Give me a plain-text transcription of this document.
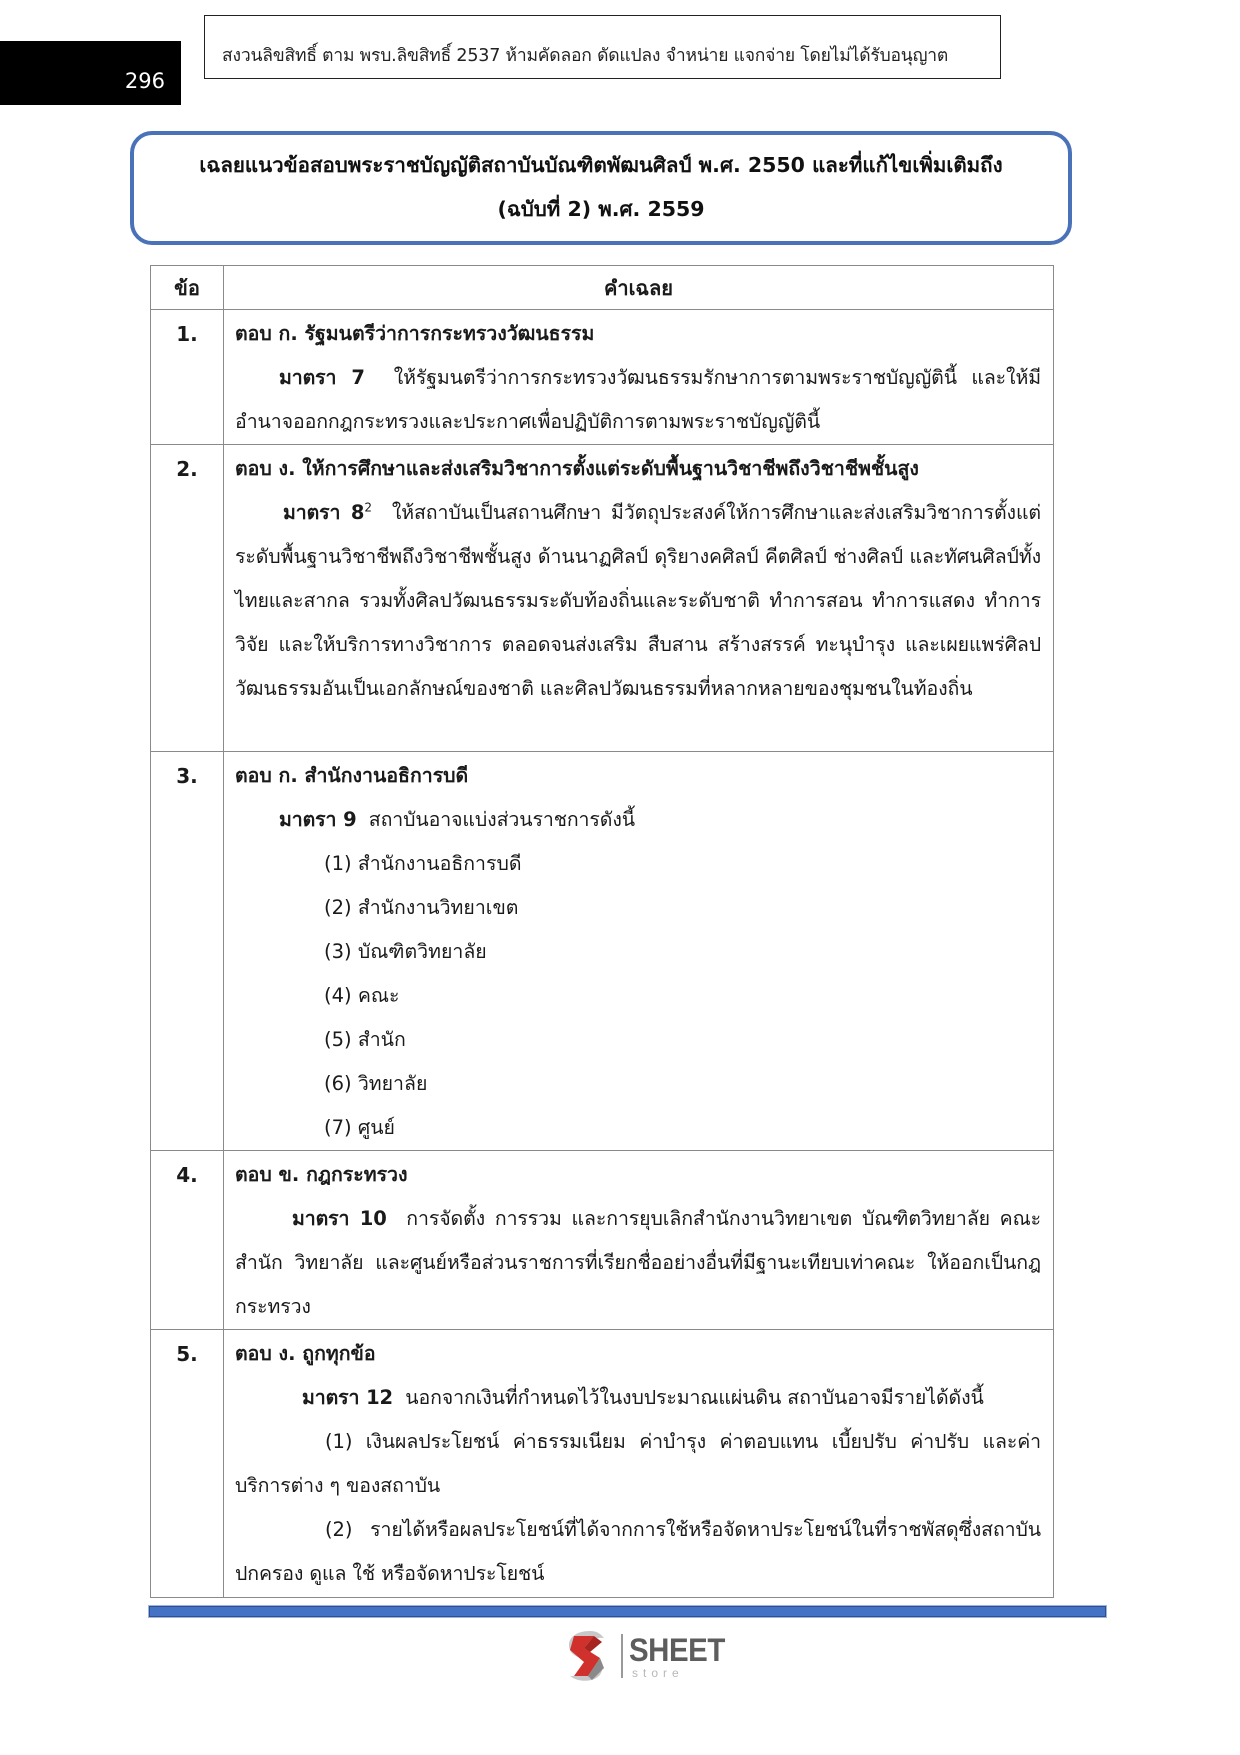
296
สงวนลิขสิทธิ์ ตาม พรบ.ลิขสิทธิ์ 2537 ห้ามคัดลอก ดัดแปลง จำหน่าย แจกจ่าย โดยไม่ได้รับอนุญาต
เฉลยแนวข้อสอบพระราชบัญญัติสถาบันบัณฑิตพัฒนศิลป์ พ.ศ. 2550 และที่แก้ไขเพิ่มเติมถึง
(ฉบับที่ 2) พ.ศ. 2559
ข้อ	คำเฉลย
1.	ตอบ ก. รัฐมนตรีว่าการกระทรวงวัฒนธรรม
มาตรา 7 ให้รัฐมนตรีว่าการกระทรวงวัฒนธรรมรักษาการตามพระราชบัญญัตินี้ และให้มีอำนาจออกกฎกระทรวงและประกาศเพื่อปฏิบัติการตามพระราชบัญญัตินี้

2.	ตอบ ง. ให้การศึกษาและส่งเสริมวิชาการตั้งแต่ระดับพื้นฐานวิชาชีพถึงวิชาชีพชั้นสูง
มาตรา $8^2$ ให้สถาบันเป็นสถานศึกษา มีวัตถุประสงค์ให้การศึกษาและส่งเสริมวิชาการตั้งแต่ระดับพื้นฐานวิชาชีพถึงวิชาชีพชั้นสูง ด้านนาฏศิลป์ ดุริยางคศิลป์ คีตศิลป์ ช่างศิลป์ และทัศนศิลป์ทั้งไทยและสากล รวมทั้งศิลปวัฒนธรรมระดับท้องถิ่นและระดับชาติ ทำการสอน ทำการแสดง ทำการวิจัย และให้บริการทางวิชาการ ตลอดจนส่งเสริม สืบสาน สร้างสรรค์ ทะนุบำรุง และเผยแพร่ศิลปวัฒนธรรมอันเป็นเอกลักษณ์ของชาติ และศิลปวัฒนธรรมที่หลากหลายของชุมชนในท้องถิ่น

3.	ตอบ ก. สำนักงานอธิการบดี
มาตรา 9 สถาบันอาจแบ่งส่วนราชการดังนี้
(1) สำนักงานอธิการบดี
(2) สำนักงานวิทยาเขต
(3) บัณฑิตวิทยาลัย
(4) คณะ
(5) สำนัก
(6) วิทยาลัย
(7) ศูนย์

4.	ตอบ ข. กฎกระทรวง
มาตรา 10 การจัดตั้ง การรวม และการยุบเลิกสำนักงานวิทยาเขต บัณฑิตวิทยาลัย คณะ สำนัก วิทยาลัย และศูนย์หรือส่วนราชการที่เรียกชื่ออย่างอื่นที่มีฐานะเทียบเท่าคณะ ให้ออกเป็นกฎกระทรวง

5.	ตอบ ง. ถูกทุกข้อ
มาตรา 12 นอกจากเงินที่กำหนดไว้ในงบประมาณแผ่นดิน สถาบันอาจมีรายได้ดังนี้
(1) เงินผลประโยชน์ ค่าธรรมเนียม ค่าบำรุง ค่าตอบแทน เบี้ยปรับ ค่าปรับ และค่าบริการต่าง ๆ ของสถาบัน
(2) รายได้หรือผลประโยชน์ที่ได้จากการใช้หรือจัดหาประโยชน์ในที่ราชพัสดุซึ่งสถาบันปกครอง ดูแล ใช้ หรือจัดหาประโยชน์
SHEET
store
